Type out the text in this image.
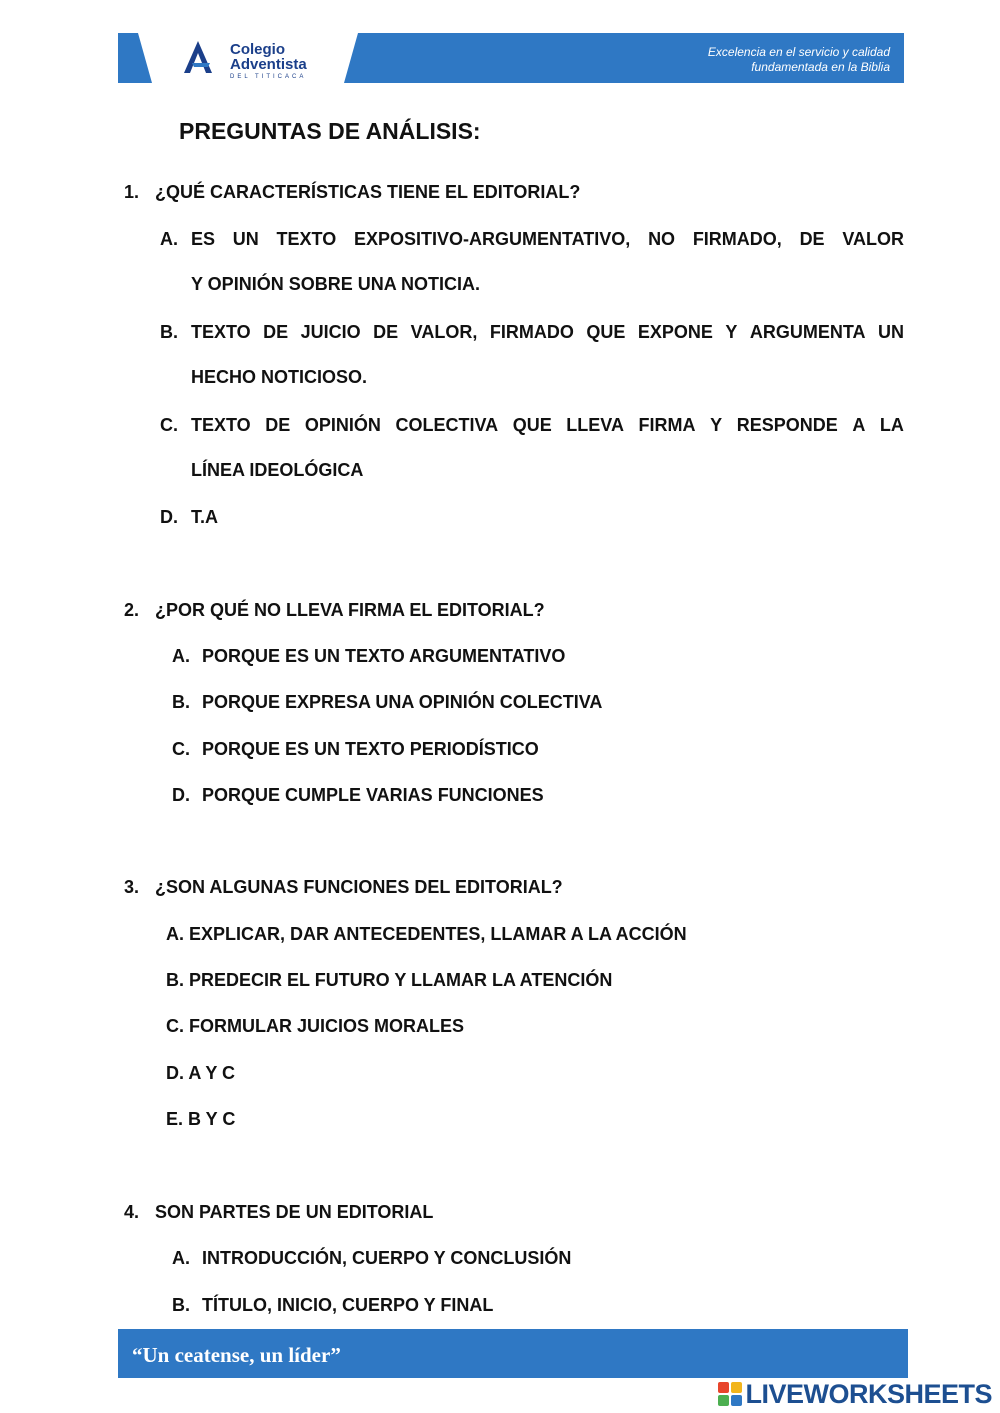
Colegio
Adventista
DEL TITICACA
Excelencia en el servicio y calidad
fundamentada en la Biblia
PREGUNTAS DE ANÁLISIS:
1. ¿QUÉ CARACTERÍSTICAS TIENE EL EDITORIAL?
A. ES UN TEXTO EXPOSITIVO-ARGUMENTATIVO, NO FIRMADO, DE VALOR
Y OPINIÓN SOBRE UNA NOTICIA.
B. TEXTO DE JUICIO DE VALOR, FIRMADO QUE EXPONE Y ARGUMENTA UN
HECHO NOTICIOSO.
C. TEXTO DE OPINIÓN COLECTIVA QUE LLEVA FIRMA Y RESPONDE A LA
LÍNEA IDEOLÓGICA
D. T.A
2. ¿POR QUÉ NO LLEVA FIRMA EL EDITORIAL?
A. PORQUE ES UN TEXTO ARGUMENTATIVO
B. PORQUE EXPRESA UNA OPINIÓN COLECTIVA
C. PORQUE ES UN TEXTO PERIODÍSTICO
D. PORQUE CUMPLE VARIAS FUNCIONES
3. ¿SON ALGUNAS FUNCIONES DEL EDITORIAL?
A. EXPLICAR, DAR ANTECEDENTES, LLAMAR A LA ACCIÓN
B. PREDECIR EL FUTURO Y LLAMAR LA ATENCIÓN
C. FORMULAR JUICIOS MORALES
D. A Y C
E. B Y C
4. SON PARTES DE UN EDITORIAL
A. INTRODUCCIÓN, CUERPO Y CONCLUSIÓN
B. TÍTULO, INICIO, CUERPO Y FINAL
“Un ceatense, un líder”
LIVEWORKSHEETS
